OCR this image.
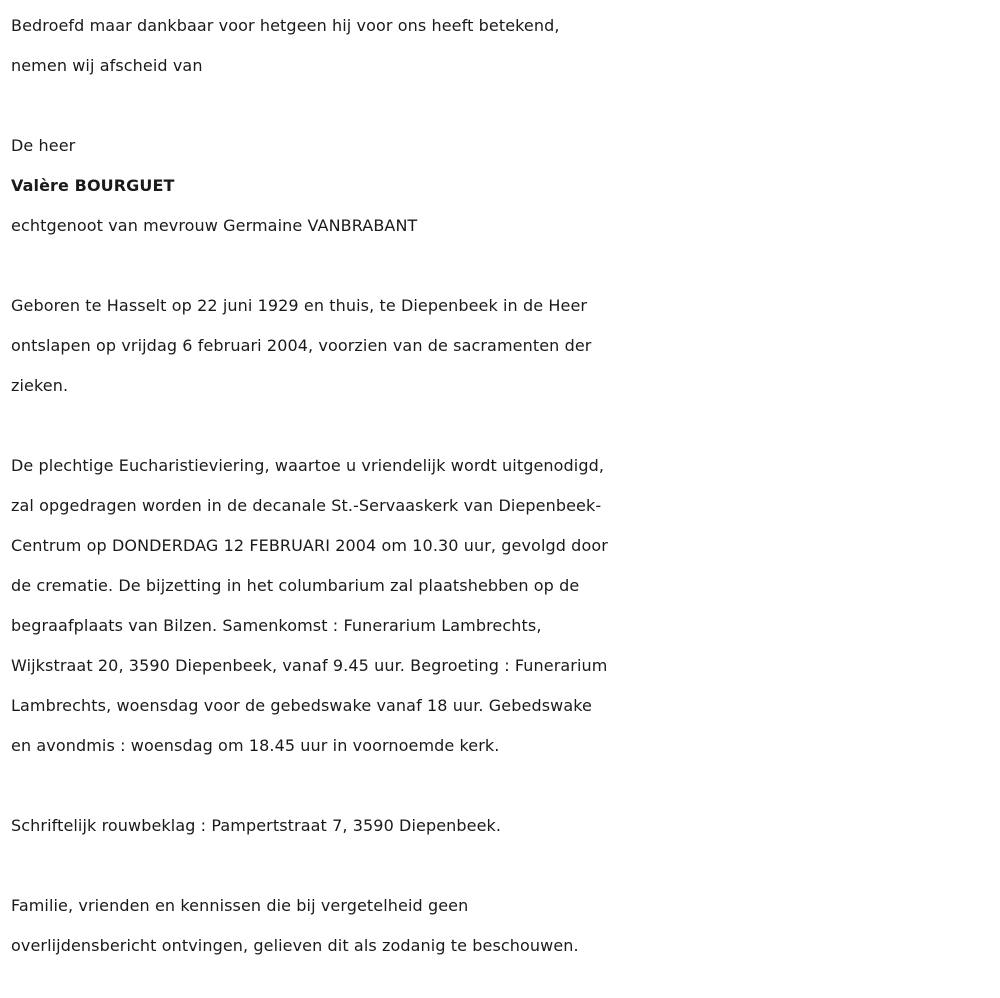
Bedroefd maar dankbaar voor hetgeen hij voor ons heeft betekend,
nemen wij afscheid van
De heer
Valère BOURGUET
echtgenoot van mevrouw Germaine VANBRABANT
Geboren te Hasselt op 22 juni 1929 en thuis, te Diepenbeek in de Heer
ontslapen op vrijdag 6 februari 2004, voorzien van de sacramenten der
zieken.
De plechtige Eucharistieviering, waartoe u vriendelijk wordt uitgenodigd,
zal opgedragen worden in de decanale St.-Servaaskerk van Diepenbeek-
Centrum op DONDERDAG 12 FEBRUARI 2004 om 10.30 uur, gevolgd door
de crematie. De bijzetting in het columbarium zal plaatshebben op de
begraafplaats van Bilzen. Samenkomst : Funerarium Lambrechts,
Wijkstraat 20, 3590 Diepenbeek, vanaf 9.45 uur. Begroeting : Funerarium
Lambrechts, woensdag voor de gebedswake vanaf 18 uur. Gebedswake
en avondmis : woensdag om 18.45 uur in voornoemde kerk.
Schriftelijk rouwbeklag : Pampertstraat 7, 3590 Diepenbeek.
Familie, vrienden en kennissen die bij vergetelheid geen
overlijdensbericht ontvingen, gelieven dit als zodanig te beschouwen.
